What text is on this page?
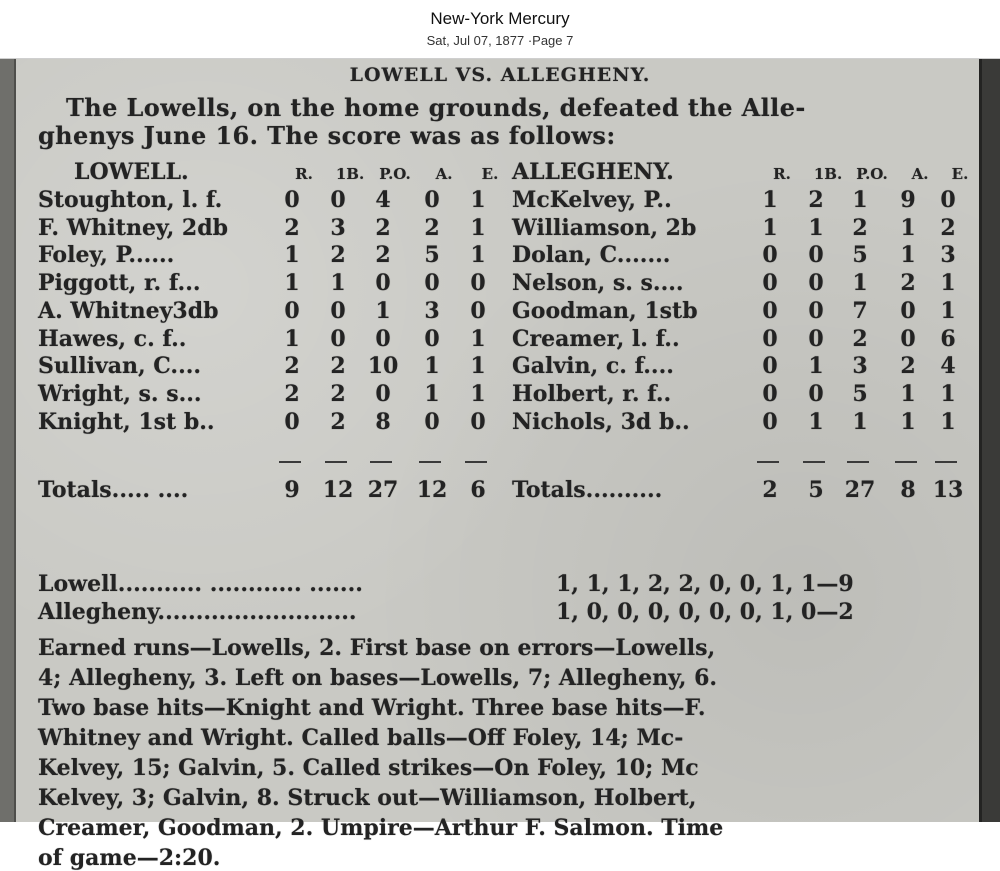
New-York Mercury
Sat, Jul 07, 1877 ·Page 7
LOWELL VS. ALLEGHENY.
The Lowells, on the home grounds, defeated the Alle-
ghenys June 16. The score was as follows:
LOWELL.	R.	1B.	P.O.	A.	E.
Stoughton, l. f.	0	0	4	0	1
F. Whitney, 2db	2	3	2	2	1
Foley, P......	1	2	2	5	1
Piggott, r. f...	1	1	0	0	0
A. Whitney3db	0	0	1	3	0
Hawes, c. f..	1	0	0	0	1
Sullivan, C....	2	2	10	1	1
Wright, s. s...	2	2	0	1	1
Knight, 1st b..	0	2	8	0	0
Totals..... ....	9	12 27 12	6
ALLEGHENY.	R.	1B. P.O.	A.	E.
McKelvey, P..	1	2	1	9	0
Williamson, 2b	1	1	2	1	2
Dolan, C.......	0	0	5	1	3
Nelson, s. s....	0	0	1	2	1
Goodman, 1stb	0	0	7	0	1
Creamer, l. f..	0	0	2	0	6
Galvin, c. f....	0	1	3	2	4
Holbert, r. f..	0	0	5	1	1
Nichols, 3d b..	0	1	1	1	1
Totals..........	2	5 27	8 13
Lowell........... ............ .......	1, 1, 1, 2, 2, 0, 0, 1, 1—9
Allegheny..........................	1, 0, 0, 0, 0, 0, 0, 1, 0—2
Earned runs—Lowells, 2. First base on errors—Lowells,
4; Allegheny, 3. Left on bases—Lowells, 7; Allegheny, 6.
Two base hits—Knight and Wright. Three base hits—F.
Whitney and Wright. Called balls—Off Foley, 14; Mc-
Kelvey, 15; Galvin, 5. Called strikes—On Foley, 10; Mc
Kelvey, 3; Galvin, 8. Struck out—Williamson, Holbert,
Creamer, Goodman, 2. Umpire—Arthur F. Salmon. Time
of game—2:20.
